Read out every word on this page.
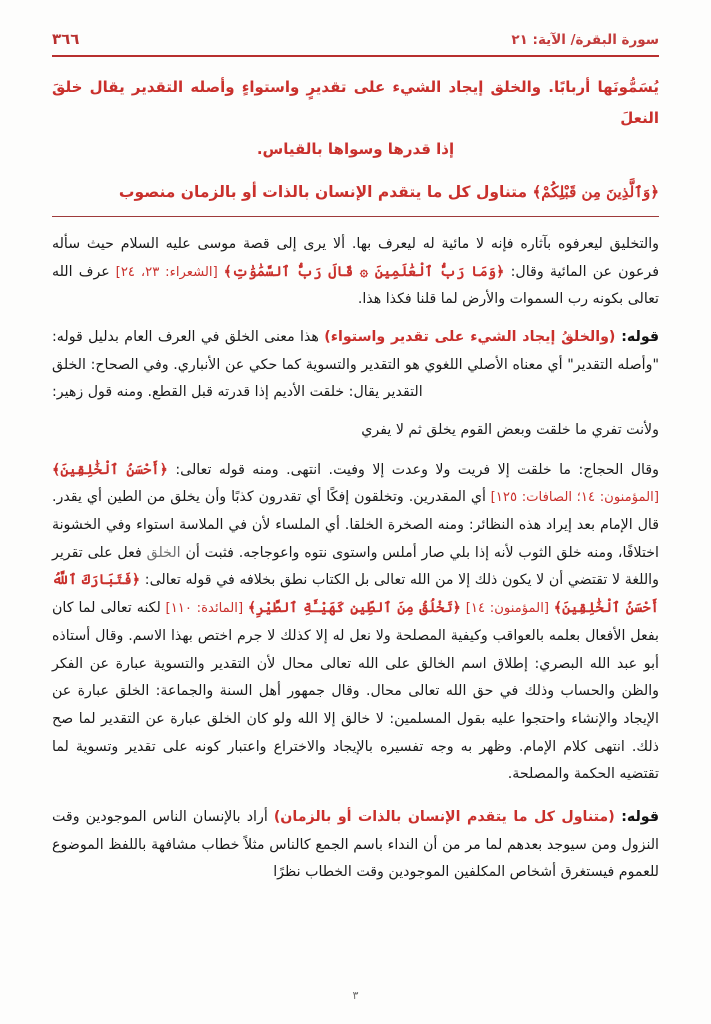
سورة البقرة/ الآية: ٢١
٣٦٦
يُسَمُّونَها أربابًا. والخلق إيجاد الشيء على تقديرٍ واستواءٍ وأصله التقدير يقال خلقَ النعلَ
إذا قدرها وسواها بالقياس.
﴿وَٱلَّذِينَ مِن قَبْلِكُمْ﴾ متناول كل ما يتقدم الإنسان بالذات أو بالزمان منصوب

والتخليق ليعرفوه بآثاره فإنه لا مائية له ليعرف بها. ألا يرى إلى قصة موسى عليه السلام حيث سأله فرعون عن المائية وقال: ﴿وَمَا رَبُّ ٱلْعَٰلَمِينَ ۞ قَالَ رَبُّ ٱلسَّمَٰوَٰتِ﴾ [الشعراء: ٢٣، ٢٤] عرف الله تعالى بكونه رب السموات والأرض لما قلنا فكذا هذا.

قوله: (والخلقُ إيجاد الشيء على تقدير واستواء) هذا معنى الخلق في العرف العام بدليل قوله: "وأصله التقدير" أي معناه الأصلي اللغوي هو التقدير والتسوية كما حكي عن الأنباري. وفي الصحاح: الخلق التقدير يقال: خلقت الأديم إذا قدرته قبل القطع. ومنه قول زهير:

ولأنت تفري ما خلقت وبعض القوم يخلق ثم لا يفري

وقال الحجاج: ما خلقت إلا فريت ولا وعدت إلا وفيت. انتهى. ومنه قوله تعالى: ﴿أَحْسَنُ ٱلْخَٰلِقِينَ﴾ [المؤمنون: ١٤؛ الصافات: ١٢٥] أي المقدرين. وتخلقون إفكًا أي تقدرون كذبًا وأن يخلق من الطين أي يقدر. قال الإمام بعد إيراد هذه النظائر: ومنه الصخرة الخلقا. أي الملساء لأن في الملاسة استواء وفي الخشونة اختلافًا، ومنه خلق الثوب لأنه إذا بلي صار أملس واستوى نتوه واعوجاجه. فثبت أن الخلق فعل على تقرير واللغة لا تقتضي أن لا يكون ذلك إلا من الله تعالى بل الكتاب نطق بخلافه في قوله تعالى: ﴿فَتَبَارَكَ ٱللَّهُ أَحْسَنُ ٱلْخَٰلِقِينَ﴾ [المؤمنون: ١٤] ﴿تَخْلُقُ مِنَ ٱلطِّينِ كَهَيْـَٔةِ ٱلطَّيْرِ﴾ [المائدة: ١١٠] لكنه تعالى لما كان بفعل الأفعال بعلمه بالعواقب وكيفية المصلحة ولا نعل له إلا كذلك لا جرم اختص بهذا الاسم. وقال أستاذه أبو عبد الله البصري: إطلاق اسم الخالق على الله تعالى محال لأن التقدير والتسوية عبارة عن الفكر والظن والحساب وذلك في حق الله تعالى محال. وقال جمهور أهل السنة والجماعة: الخلق عبارة عن الإيجاد والإنشاء واحتجوا عليه بقول المسلمين: لا خالق إلا الله ولو كان الخلق عبارة عن التقدير لما صح ذلك. انتهى كلام الإمام. وظهر به وجه تفسيره بالإيجاد والاختراع واعتبار كونه على تقدير وتسوية لما تقتضيه الحكمة والمصلحة.

قوله: (متناول كل ما يتقدم الإنسان بالذات أو بالزمان) أراد بالإنسان الناس الموجودين وقت النزول ومن سيوجد بعدهم لما مر من أن النداء باسم الجمع كالناس مثلاً خطاب مشافهة باللفظ الموضوع للعموم فيستغرق أشخاص المكلفين الموجودين وقت الخطاب نظرًا

٣
